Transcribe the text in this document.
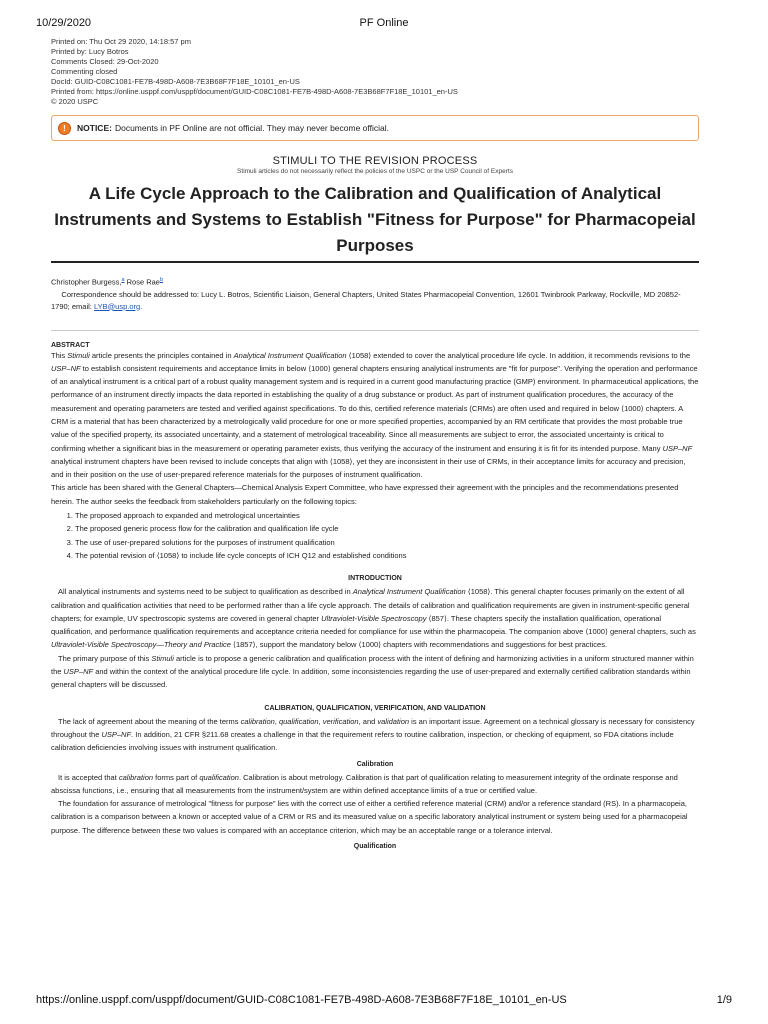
10/29/2020	PF Online
Printed on: Thu Oct 29 2020, 14:18:57 pm
Printed by: Lucy Botros
Comments Closed: 29-Oct-2020
Commenting closed
DocId: GUID-C08C1081-FE7B-498D-A608-7E3B68F7F18E_10101_en-US
Printed from: https://online.usppf.com/usppf/document/GUID-C08C1081-FE7B-498D-A608-7E3B68F7F18E_10101_en-US
© 2020 USPC
!	NOTICE: Documents in PF Online are not official. They may never become official.
STIMULI TO THE REVISION PROCESS
Stimuli articles do not necessarily reflect the policies of the USPC or the USP Council of Experts
A Life Cycle Approach to the Calibration and Qualification of Analytical Instruments and Systems to Establish "Fitness for Purpose" for Pharmacopeial Purposes
Christopher Burgess,$^a$ Rose Rae$^b$
Correspondence should be addressed to: Lucy L. Botros, Scientific Liaison, General Chapters, United States Pharmacopeial Convention, 12601 Twinbrook Parkway, Rockville, MD 20852-1790; email: LYB@usp.org.
ABSTRACT

This Stimuli article presents the principles contained in Analytical Instrument Qualification ⟨1058⟩ extended to cover the analytical procedure life cycle. In addition, it recommends revisions to the USP–NF to establish consistent requirements and acceptance limits in below ⟨1000⟩ general chapters ensuring analytical instruments are "fit for purpose". Verifying the operation and performance of an analytical instrument is a critical part of a robust quality management system and is required in a current good manufacturing practice (GMP) environment. In pharmaceutical applications, the performance of an instrument directly impacts the data reported in establishing the quality of a drug substance or product. As part of instrument qualification procedures, the accuracy of the measurement and operating parameters are tested and verified against specifications. To do this, certified reference materials (CRMs) are often used and required in below ⟨1000⟩ chapters. A CRM is a material that has been characterized by a metrologically valid procedure for one or more specified properties, accompanied by an RM certificate that provides the most probable true value of the specified property, its associated uncertainty, and a statement of metrological traceability. Since all measurements are subject to error, the associated uncertainty is critical to confirming whether a significant bias in the measurement or operating parameter exists, thus verifying the accuracy of the instrument and ensuring it is fit for its intended purpose. Many USP–NF analytical instrument chapters have been revised to include concepts that align with ⟨1058⟩, yet they are inconsistent in their use of CRMs, in their acceptance limits for accuracy and precision, and in their position on the use of user-prepared reference materials for the purposes of instrument qualification.

This article has been shared with the General Chapters—Chemical Analysis Expert Committee, who have expressed their agreement with the principles and the recommendations presented herein. The author seeks the feedback from stakeholders particularly on the following topics:

1. The proposed approach to expanded and metrological uncertainties
2. The proposed generic process flow for the calibration and qualification life cycle
3. The use of user-prepared solutions for the purposes of instrument qualification
4. The potential revision of ⟨1058⟩ to include life cycle concepts of ICH Q12 and established conditions
INTRODUCTION

All analytical instruments and systems need to be subject to qualification as described in Analytical Instrument Qualification ⟨1058⟩. This general chapter focuses primarily on the extent of all calibration and qualification activities that need to be performed rather than a life cycle approach. The details of calibration and qualification requirements are given in instrument-specific general chapters; for example, UV spectroscopic systems are covered in general chapter Ultraviolet-Visible Spectroscopy ⟨857⟩. These chapters specify the installation qualification, operational qualification, and performance qualification requirements and acceptance criteria needed for compliance for use within the pharmacopeia. The companion above ⟨1000⟩ general chapters, such as Ultraviolet-Visible Spectroscopy—Theory and Practice ⟨1857⟩, support the mandatory below ⟨1000⟩ chapters with recommendations and suggestions for best practices.

The primary purpose of this Stimuli article is to propose a generic calibration and qualification process with the intent of defining and harmonizing activities in a uniform structured manner within the USP–NF and within the context of the analytical procedure life cycle. In addition, some inconsistencies regarding the use of user-prepared and externally certified calibration standards within general chapters will be discussed.

CALIBRATION, QUALIFICATION, VERIFICATION, AND VALIDATION

The lack of agreement about the meaning of the terms calibration, qualification, verification, and validation is an important issue. Agreement on a technical glossary is necessary for consistency throughout the USP–NF. In addition, 21 CFR §211.68 creates a challenge in that the requirement refers to routine calibration, inspection, or checking of equipment, so FDA citations include calibration deficiencies involving issues with instrument qualification.

Calibration

It is accepted that calibration forms part of qualification. Calibration is about metrology. Calibration is that part of qualification relating to measurement integrity of the ordinate response and abscissa functions, i.e., ensuring that all measurements from the instrument/system are within defined acceptance limits of a true or certified value.

The foundation for assurance of metrological "fitness for purpose" lies with the correct use of either a certified reference material (CRM) and/or a reference standard (RS). In a pharmacopeia, calibration is a comparison between a known or accepted value of a CRM or RS and its measured value on a specific laboratory analytical instrument or system being used for a pharmacopeial purpose. The difference between these two values is compared with an acceptance criterion, which may be an acceptable range or a tolerance interval.

Qualification
https://online.usppf.com/usppf/document/GUID-C08C1081-FE7B-498D-A608-7E3B68F7F18E_10101_en-US	1/9
